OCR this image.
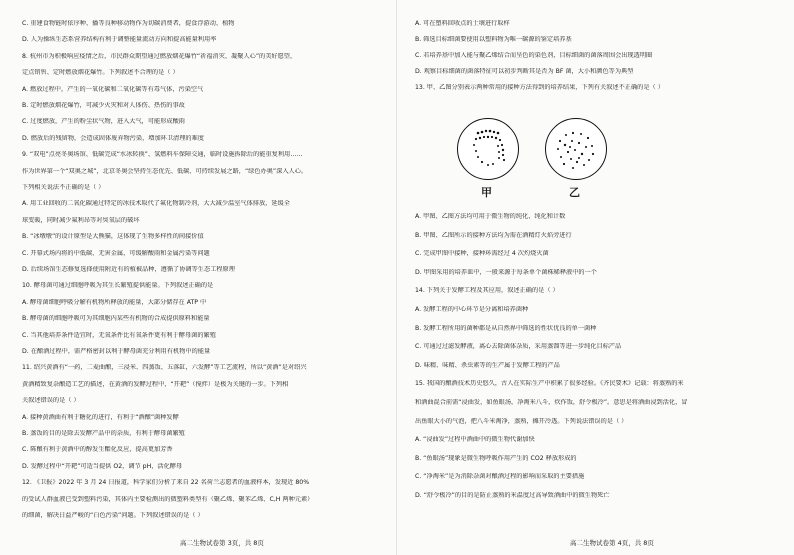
C. 重建食物链时依序种、播等良种移动物作为切碳消费者，提食浮游动、植物
D. 人为操纵生态系营养结构有利于调整能量流动方向和提高能量利用率
8. 杭州市为积极响应疫情之后，市民群众期望通过燃放烟花爆竹“祈福消灾、凝聚人心”的美好愿望，
定点销售、定时燃放烟花爆竹。下列叙述不合理的是（ ）
A. 燃放过程中，产生的一氧化碳和二氧化碳等有毒气体，污染空气
B. 定时燃放烟花爆竹，可减少火灾和对人体伤、热伤的事故
C. 过度燃放，产生的粉尘状气物，进入大气，可能形成酸雨
D. 燃放后的残留物，会造成固体废弃物污染，增加环卫清理的难度
9. “双电”点亮冬奥场馆、低碳完成“水冰转换”、氢燃料车保障交通，临时设施拆除后的能重复利用……
作为世界第一个“双奥之城”，北京冬奥会坚持生态优先、低碳、可持续发展之路，“绿色办奥”深入人心。
下列相关说法不正确的是（ ）
A. 用工业回收的二氧化碳通过特定的冰技术取代了氟化物制冷剂，大大减少温室气体排放，延缓全
球变暖，同时减少氟利昂等对臭氧层的破坏
B. “冰墩墩”的设计原型是大熊猫，这体现了生物多样性的间接价值
C. 开幕式场内将的中低碳、无害金属，可缓解酸雨和金属污染等问题
D. 后续场馆生态修复选择使用附近有的植被品种，遵循了协调等生态工程原理
10. 酵母菌可通过细胞呼吸为其生长繁殖提供能量。下列叙述正确的是
A. 酵母菌细胞呼吸分解有机物所释放的能量，大部分储存在 ATP 中
B. 酵母菌的细胞呼吸可为其细胞内某些有机物的合成提供原料和能量
C. 当其他培养条件适宜时，无氧条件比有氧条件更有利于酵母菌的繁殖
D. 在酿酒过程中，需严格密封以利于酵母菌充分利用有机物中的能量
11. 绍兴黄酒有“一药，二麦曲酿，三浸米、四蒸饭、五落缸，六发酵”等工艺流程，所以“黄酒”是对绍兴
黄酒精致复杂酿造工艺的描述，在黄酒的发酵过程中，“开耙”（搅拌）是极为关键的一步。下列相
关叙述错误的是（ ）
A. 接种黄酒曲有利于糖化的进行，有利于“酒酿”菌种发酵
B. 蒸饭的目的是除去发酵产品中的杂质，有利于酵母菌繁殖
C. 陈酿有利于黄酒中的醇发生酯化反应，提高更加芳香
D. 发酵过程中“开耙”可适当提供 O2，调节 pH，活化酵母
12. 《卫报》2022 年 3 月 24 日报道，科学家们分析了来自 22 名荷兰志愿者的血液样本，发现近 80%
的受试人群血液已受到塑料污染，其体内主要检测出的微塑料类型有（聚乙烯、聚苯乙烯、C,H 两种元素）
的细菌，解决日益严峻的“白色污染”问题。下列叙述错误的是（ ）
甲	乙
A. 可在塑料回收点的土壤进行取样
B. 筛选目标细菌要使用以塑料物为唯一碳源的鉴定培养基
C. 若培养基中加入能与聚乙烯结合而呈色的染色剂，目标细菌的菌落周围会出现透明圈
D. 观察目标细菌的菌落特征可以初步判断其是否为 BF 菌，大小和颜色等为典型
13. 甲、乙图分别表示两种常用的接种方法得到的培养结果，下列有关叙述不正确的是（ ）
A. 甲图、乙图方法均可用于微生物的纯化、纯化和计数
B. 甲图、乙图所示的接种方法均为需在酒精灯火焰旁进行
C. 完成甲图中接种，接种环需经过 4 次灼烧灭菌
D. 甲图采用的培养皿中，一般来源于每条单个菌株稀释液中的一个
14. 下列关于发酵工程及其应用，叙述正确的是（ ）
A. 发酵工程的中心环节是分离和培养菌种
B. 发酵工程所用的菌种都是从自然界中筛选的性状优良的单一菌种
C. 可通过过滤发酵液，离心去除菌体杂质，采用蒸馏等进一步纯化目标产品
D. 味精、味精、杀虫素等的生产属于发酵工程的产品
15. 我国的酿酒技术历史悠久，古人在实际生产中积累了很多经验。《齐民要术》记载：将蒸熟的米
和酒曲混合前需“浸曲发，如鱼眼汤，净淘米八斗，炊作饭，舒令极冷”。意思是将酒曲浸到活化，冒
出鱼眼大小的气泡，把八斗米淘净，蒸熟，摊开冷透。下列说法错误的是（ ）
A. “浸曲发”过程中酒曲中的微生物代谢加快
B. “鱼眼汤”现象是微生物呼吸作用产生的 CO2 释放形成的
C. “净淘米”是为消除杂菌对酿酒过程的影响而采取的主要措施
D. “舒令极冷”的目的是防止蒸熟的米温度过高导致酒曲中的微生物死亡
高二生物试卷第 3页，共 8页	高二生物试卷第 4页，共 8页
